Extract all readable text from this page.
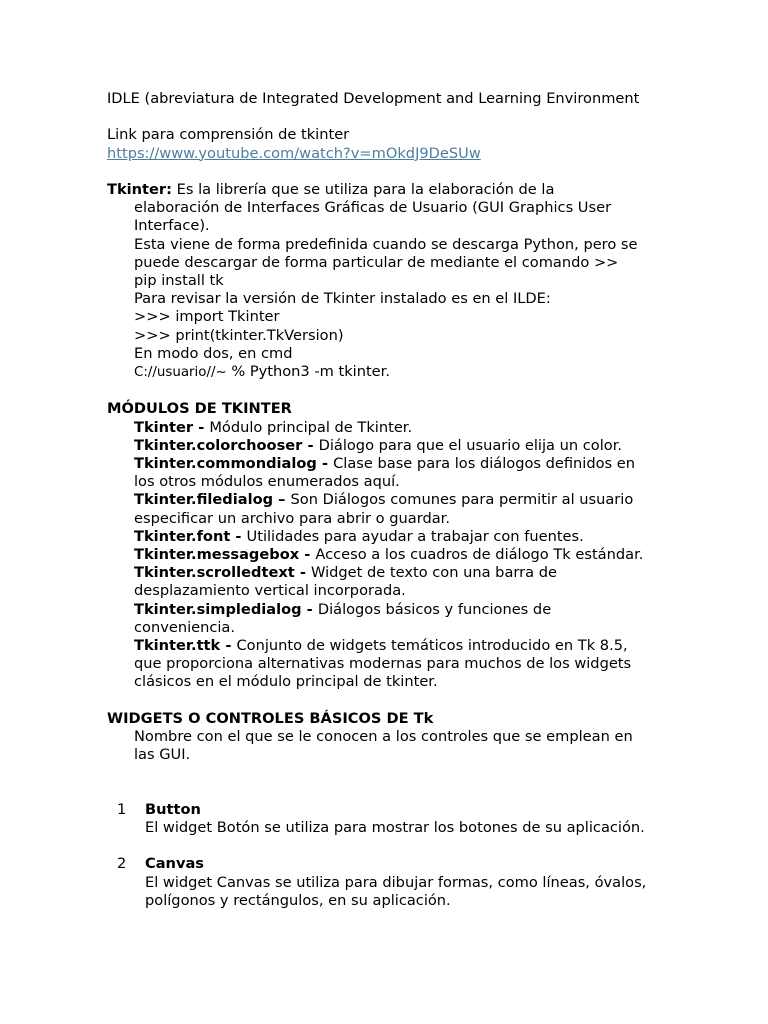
IDLE (abreviatura de Integrated Development and Learning Environment
Link para comprensión de tkinter
https://www.youtube.com/watch?v=mOkdJ9DeSUw
Tkinter: Es la librería que se utiliza para la elaboración de la
elaboración de Interfaces Gráficas de Usuario (GUI Graphics User
Interface).
Esta viene de forma predefinida cuando se descarga Python, pero se
puede descargar de forma particular de mediante el comando >>
pip install tk
Para revisar la versión de Tkinter instalado es en el ILDE:
>>> import Tkinter
>>> print(tkinter.TkVersion)
En modo dos, en cmd
C://usuario//~ % Python3 -m tkinter.
MÓDULOS DE TKINTER
Tkinter - Módulo principal de Tkinter.
Tkinter.colorchooser - Diálogo para que el usuario elija un color.
Tkinter.commondialog - Clase base para los diálogos definidos en
los otros módulos enumerados aquí.
Tkinter.filedialog – Son Diálogos comunes para permitir al usuario
especificar un archivo para abrir o guardar.
Tkinter.font - Utilidades para ayudar a trabajar con fuentes.
Tkinter.messagebox - Acceso a los cuadros de diálogo Tk estándar.
Tkinter.scrolledtext - Widget de texto con una barra de
desplazamiento vertical incorporada.
Tkinter.simpledialog - Diálogos básicos y funciones de
conveniencia.
Tkinter.ttk - Conjunto de widgets temáticos introducido en Tk 8.5,
que proporciona alternativas modernas para muchos de los widgets
clásicos en el módulo principal de tkinter.
WIDGETS O CONTROLES BÁSICOS DE Tk
Nombre con el que se le conocen a los controles que se emplean en
las GUI.
1 Button
El widget Botón se utiliza para mostrar los botones de su aplicación.
2 Canvas
El widget Canvas se utiliza para dibujar formas, como líneas, óvalos,
polígonos y rectángulos, en su aplicación.
